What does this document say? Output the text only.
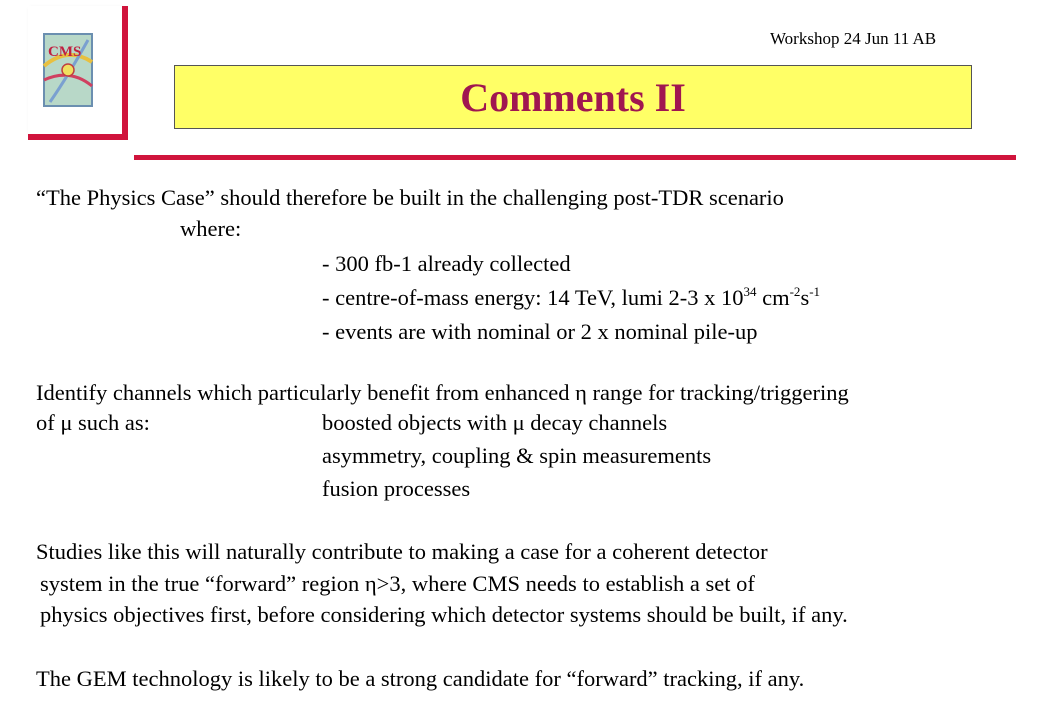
CMS
Workshop 24 Jun 11 AB
Comments II
“The Physics Case” should therefore be built in the challenging post-TDR scenario
where:
- 300 fb-1 already collected
- centre-of-mass energy: 14 TeV, lumi 2-3 x $10^{34}$ $cm^{-2}s^{-1}$
- events are with nominal or 2 x nominal pile-up
Identify channels which particularly benefit from enhanced η range for tracking/triggering
of μ such as:	boosted objects with μ decay channels
asymmetry, coupling & spin measurements
fusion processes
Studies like this will naturally contribute to making a case for a coherent detector
system in the true “forward” region η>3, where CMS needs to establish a set of
physics objectives first, before considering which detector systems should be built, if any.
The GEM technology is likely to be a strong candidate for “forward” tracking, if any.
